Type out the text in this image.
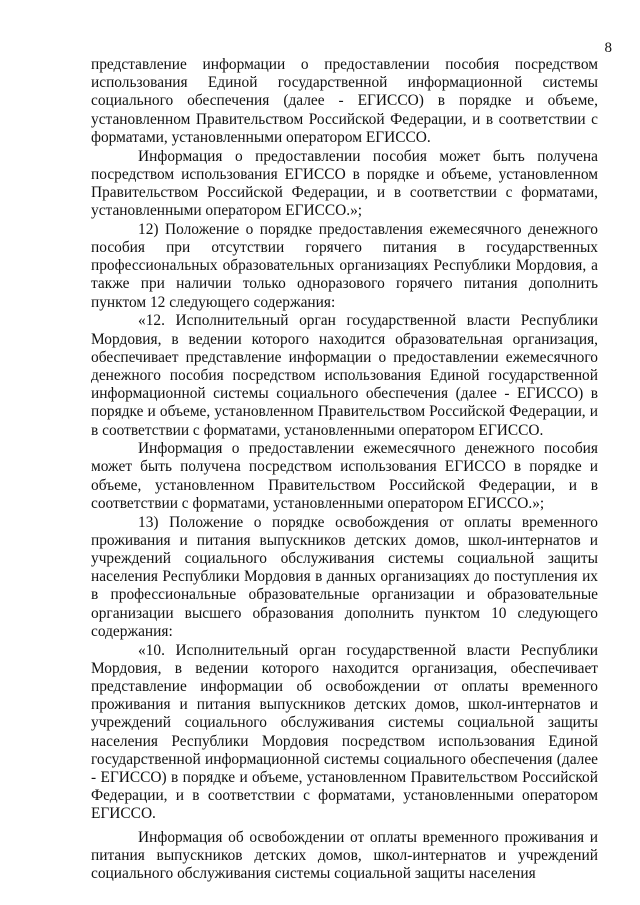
8

представление информации о предоставлении пособия посредством использования Единой государственной информационной системы социального обеспечения (далее - ЕГИССО) в порядке и объеме, установленном Правительством Российской Федерации, и в соответствии с форматами, установленными оператором ЕГИССО.

Информация о предоставлении пособия может быть получена посредством использования ЕГИССО в порядке и объеме, установленном Правительством Российской Федерации, и в соответствии с форматами, установленными оператором ЕГИССО.»;

12) Положение о порядке предоставления ежемесячного денежного пособия при отсутствии горячего питания в государственных профессиональных образовательных организациях Республики Мордовия, а также при наличии только одноразового горячего питания дополнить пунктом 12 следующего содержания:

«12. Исполнительный орган государственной власти Республики Мордовия, в ведении которого находится образовательная организация, обеспечивает представление информации о предоставлении ежемесячного денежного пособия посредством использования Единой государственной информационной системы социального обеспечения (далее - ЕГИССО) в порядке и объеме, установленном Правительством Российской Федерации, и в соответствии с форматами, установленными оператором ЕГИССО.

Информация о предоставлении ежемесячного денежного пособия может быть получена посредством использования ЕГИССО в порядке и объеме, установленном Правительством Российской Федерации, и в соответствии с форматами, установленными оператором ЕГИССО.»;

13) Положение о порядке освобождения от оплаты временного проживания и питания выпускников детских домов, школ-интернатов и учреждений социального обслуживания системы социальной защиты населения Республики Мордовия в данных организациях до поступления их в профессиональные образовательные организации и образовательные организации высшего образования дополнить пунктом 10 следующего содержания:

«10. Исполнительный орган государственной власти Республики Мордовия, в ведении которого находится организация, обеспечивает представление информации об освобождении от оплаты временного проживания и питания выпускников детских домов, школ-интернатов и учреждений социального обслуживания системы социальной защиты населения Республики Мордовия посредством использования Единой государственной информационной системы социального обеспечения (далее - ЕГИССО) в порядке и объеме, установленном Правительством Российской Федерации, и в соответствии с форматами, установленными оператором ЕГИССО.

Информация об освобождении от оплаты временного проживания и питания выпускников детских домов, школ-интернатов и учреждений социального обслуживания системы социальной защиты населения
